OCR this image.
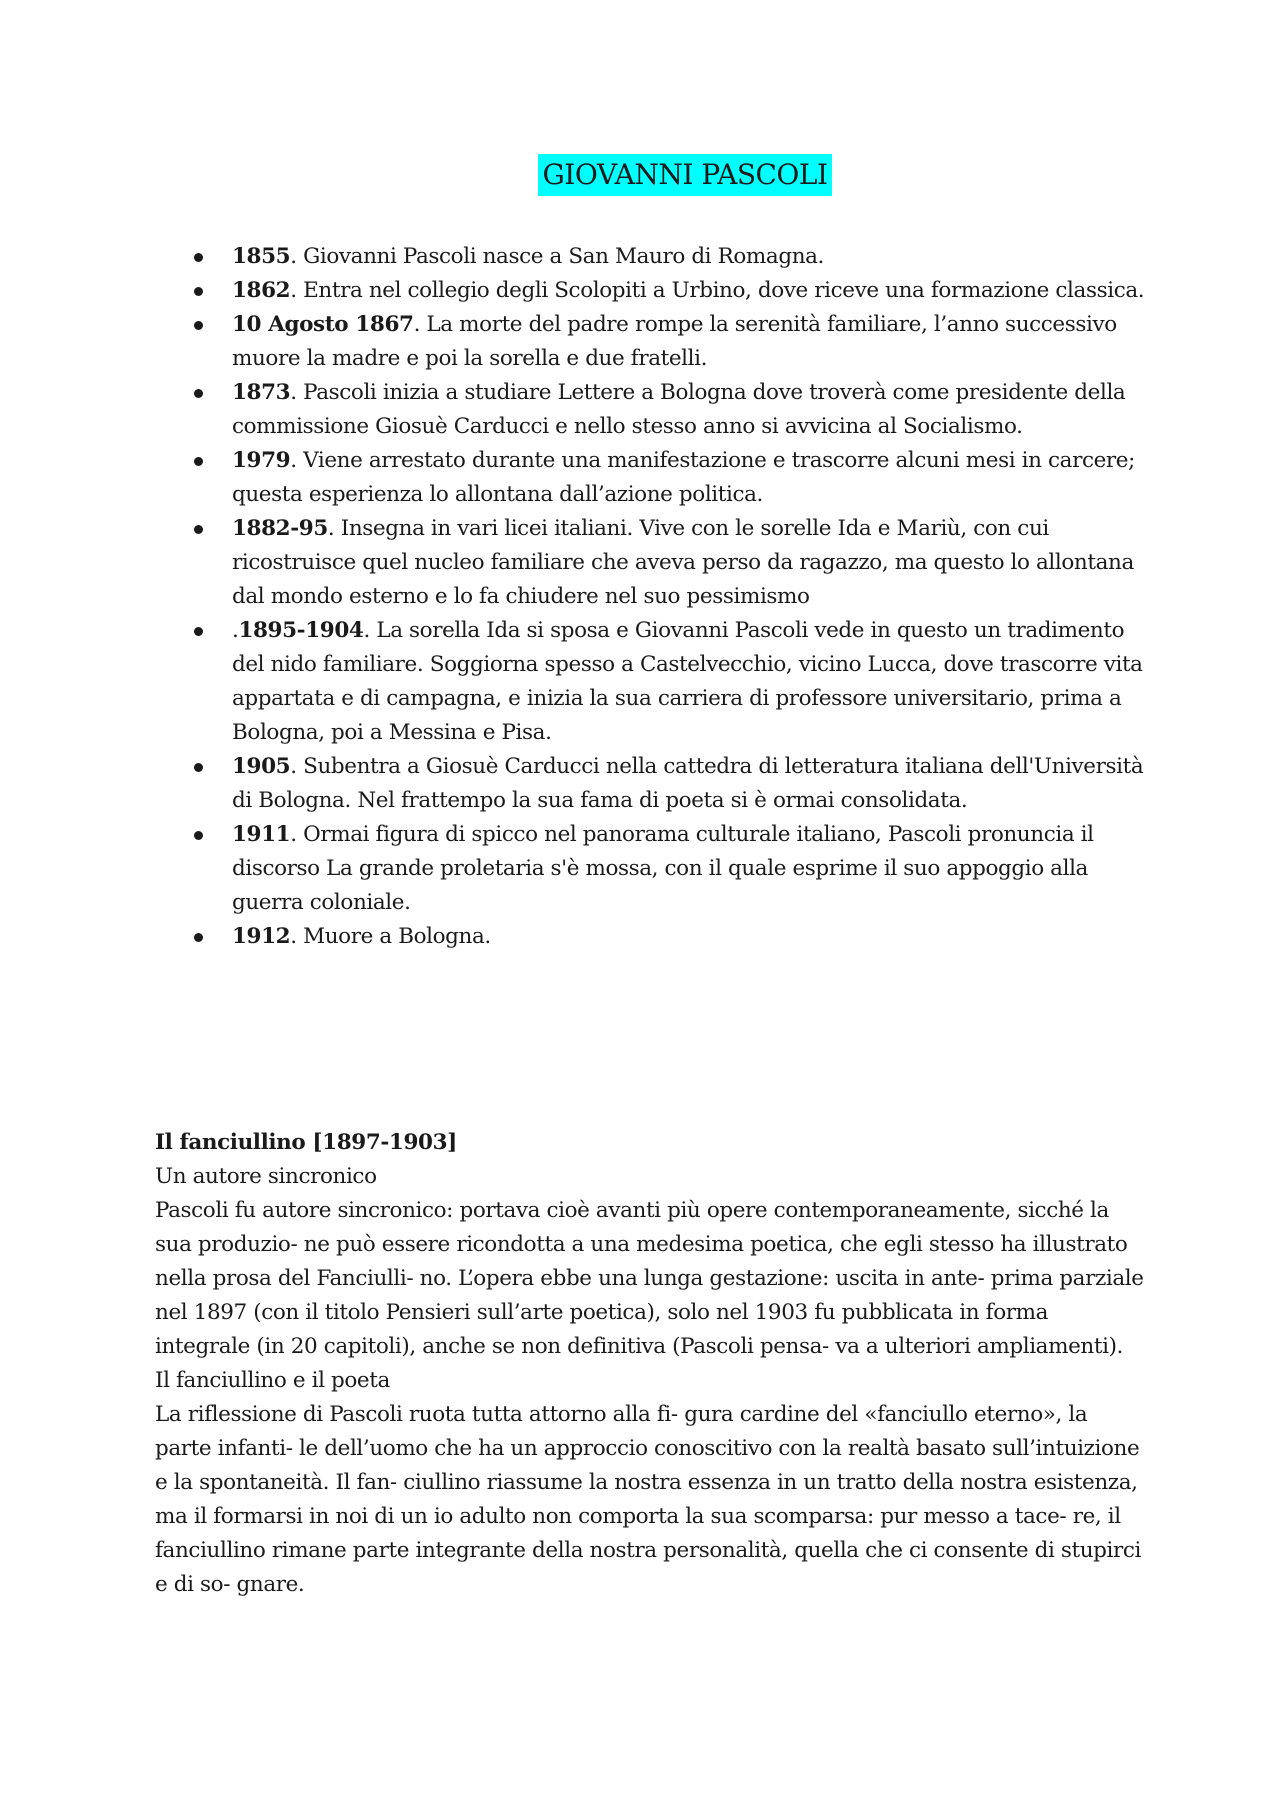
GIOVANNI PASCOLI
1855. Giovanni Pascoli nasce a San Mauro di Romagna.
1862. Entra nel collegio degli Scolopiti a Urbino, dove riceve una formazione classica.
10 Agosto 1867. La morte del padre rompe la serenità familiare, l’anno successivo muore la madre e poi la sorella e due fratelli.
1873. Pascoli inizia a studiare Lettere a Bologna dove troverà come presidente della commissione Giosuè Carducci e nello stesso anno si avvicina al Socialismo.
1979. Viene arrestato durante una manifestazione e trascorre alcuni mesi in carcere; questa esperienza lo allontana dall’azione politica.
1882-95. Insegna in vari licei italiani. Vive con le sorelle Ida e Mariù, con cui ricostruisce quel nucleo familiare che aveva perso da ragazzo, ma questo lo allontana dal mondo esterno e lo fa chiudere nel suo pessimismo
.1895-1904. La sorella Ida si sposa e Giovanni Pascoli vede in questo un tradimento del nido familiare. Soggiorna spesso a Castelvecchio, vicino Lucca, dove trascorre vita appartata e di campagna, e inizia la sua carriera di professore universitario, prima a Bologna, poi a Messina e Pisa.
1905. Subentra a Giosuè Carducci nella cattedra di letteratura italiana dell'Università di Bologna. Nel frattempo la sua fama di poeta si è ormai consolidata.
1911. Ormai figura di spicco nel panorama culturale italiano, Pascoli pronuncia il discorso La grande proletaria s'è mossa, con il quale esprime il suo appoggio alla guerra coloniale.
1912. Muore a Bologna.

Il fanciullino [1897-1903]

Un autore sincronico

Pascoli fu autore sincronico: portava cioè avanti più opere contemporaneamente, sicché la sua produzio- ne può essere ricondotta a una medesima poetica, che egli stesso ha illustrato nella prosa del Fanciulli- no. L’opera ebbe una lunga gestazione: uscita in ante- prima parziale nel 1897 (con il titolo Pensieri sull’arte poetica), solo nel 1903 fu pubblicata in forma integrale (in 20 capitoli), anche se non definitiva (Pascoli pensa- va a ulteriori ampliamenti).

Il fanciullino e il poeta

La riflessione di Pascoli ruota tutta attorno alla fi- gura cardine del «fanciullo eterno», la parte infanti- le dell’uomo che ha un approccio conoscitivo con la realtà basato sull’intuizione e la spontaneità. Il fan- ciullino riassume la nostra essenza in un tratto della nostra esistenza, ma il formarsi in noi di un io adulto non comporta la sua scomparsa: pur messo a tace- re, il fanciullino rimane parte integrante della nostra personalità, quella che ci consente di stupirci e di so- gnare.
